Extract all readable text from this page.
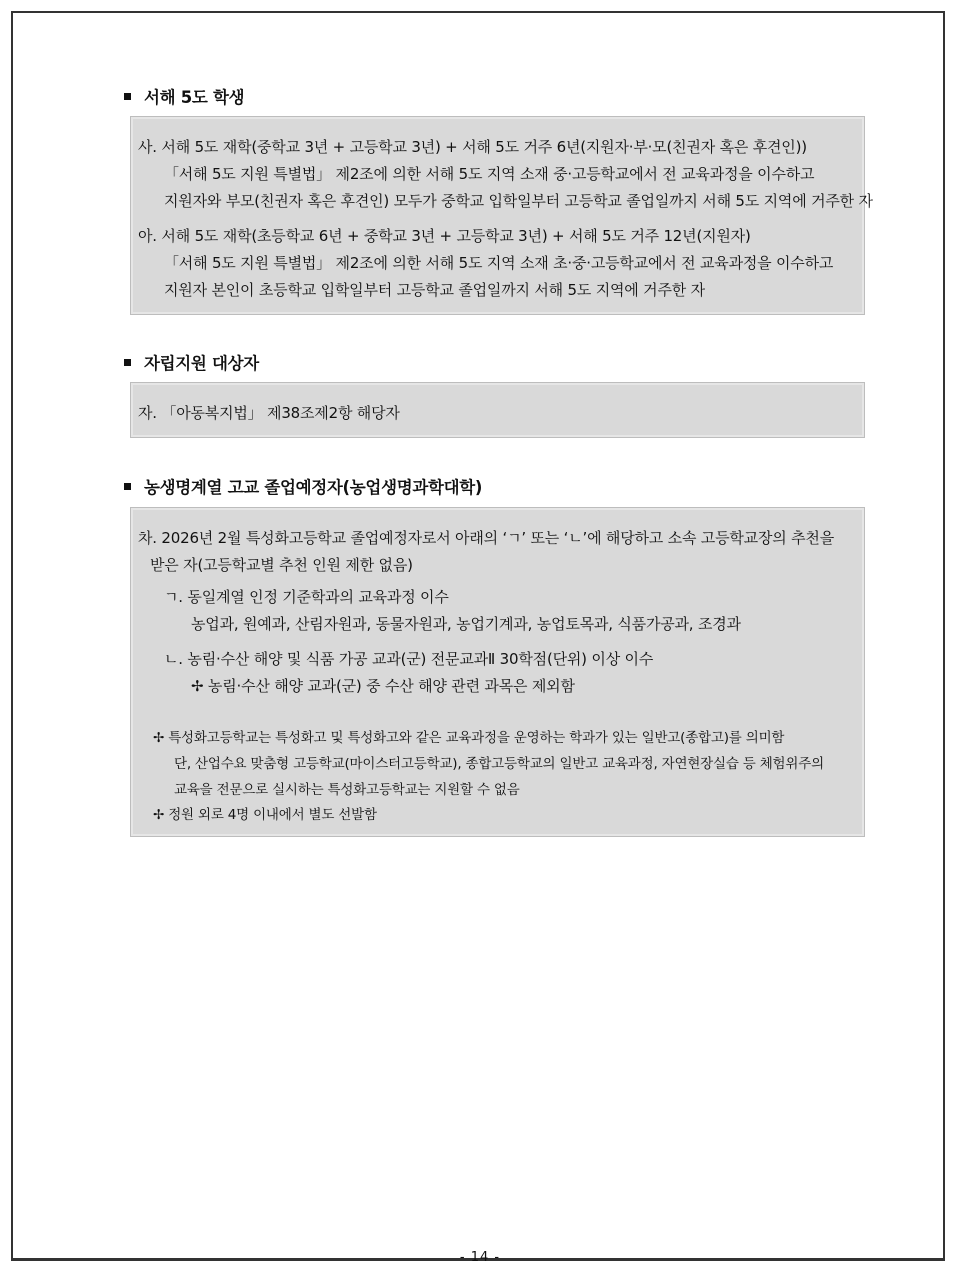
서해 5도 학생
사. 서해 5도 재학(중학교 3년 + 고등학교 3년) + 서해 5도 거주 6년(지원자·부·모(친권자 혹은 후견인))
「서해 5도 지원 특별법」 제2조에 의한 서해 5도 지역 소재 중·고등학교에서 전 교육과정을 이수하고
지원자와 부모(친권자 혹은 후견인) 모두가 중학교 입학일부터 고등학교 졸업일까지 서해 5도 지역에 거주한 자
아. 서해 5도 재학(초등학교 6년 + 중학교 3년 + 고등학교 3년) + 서해 5도 거주 12년(지원자)
「서해 5도 지원 특별법」 제2조에 의한 서해 5도 지역 소재 초·중·고등학교에서 전 교육과정을 이수하고
지원자 본인이 초등학교 입학일부터 고등학교 졸업일까지 서해 5도 지역에 거주한 자
자립지원 대상자
자. 「아동복지법」 제38조제2항 해당자
농생명계열 고교 졸업예정자(농업생명과학대학)
차. 2026년 2월 특성화고등학교 졸업예정자로서 아래의 ‘ㄱ’ 또는 ‘ㄴ’에 해당하고 소속 고등학교장의 추천을
받은 자(고등학교별 추천 인원 제한 없음)
ㄱ. 동일계열 인정 기준학과의 교육과정 이수
농업과, 원예과, 산림자원과, 동물자원과, 농업기계과, 농업토목과, 식품가공과, 조경과
ㄴ. 농림·수산 해양 및 식품 가공 교과(군) 전문교과Ⅱ 30학점(단위) 이상 이수
✢ 농림·수산 해양 교과(군) 중 수산 해양 관련 과목은 제외함
✢ 특성화고등학교는 특성화고 및 특성화고와 같은 교육과정을 운영하는 학과가 있는 일반고(종합고)를 의미함
단, 산업수요 맞춤형 고등학교(마이스터고등학교), 종합고등학교의 일반고 교육과정, 자연현장실습 등 체험위주의
교육을 전문으로 실시하는 특성화고등학교는 지원할 수 없음
✢ 정원 외로 4명 이내에서 별도 선발함
- 14 -
